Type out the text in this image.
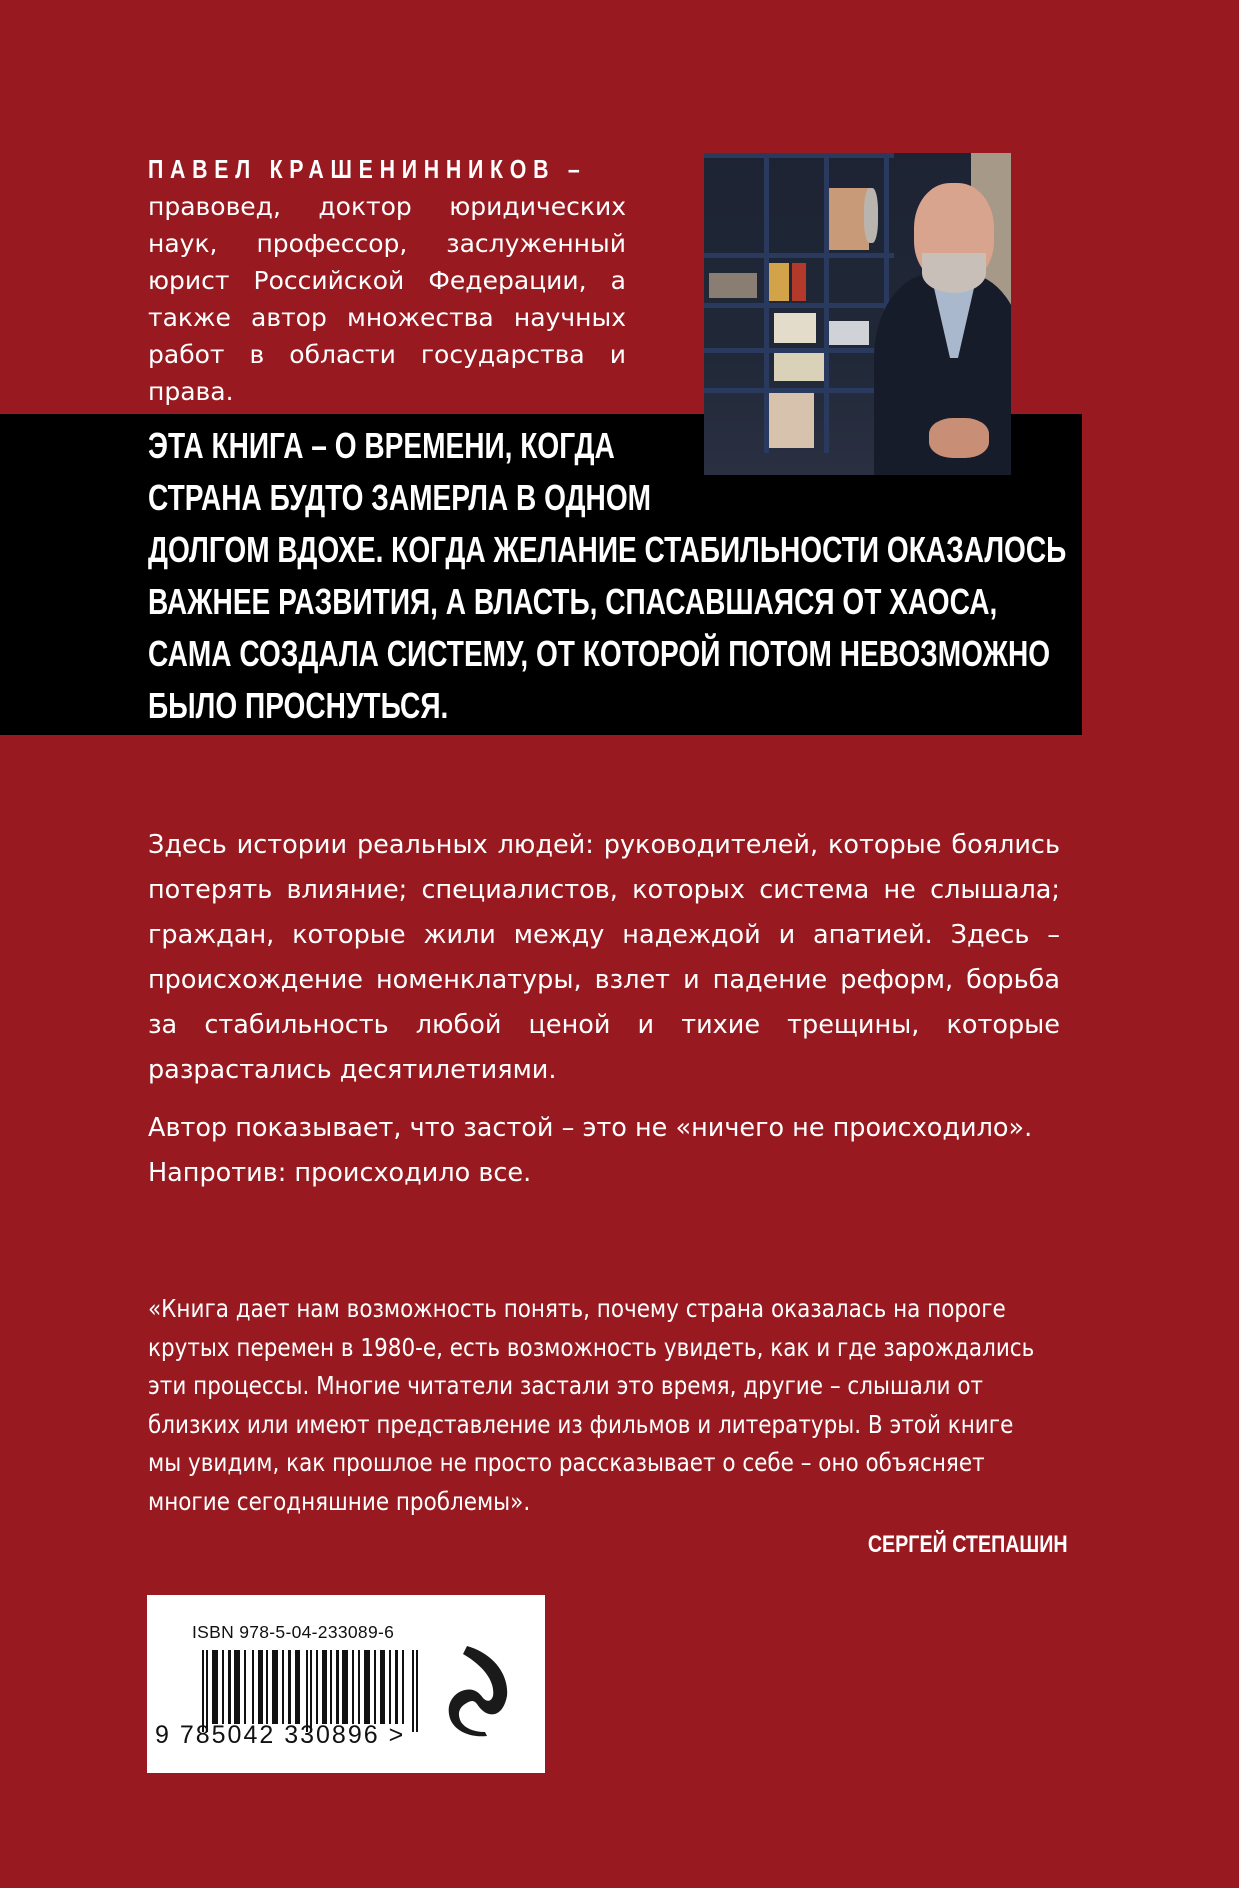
ПАВЕЛ КРАШЕНИННИКОВ –
правовед, доктор юридических наук, профессор, заслуженный юрист Российской Федерации, а также автор множества научных работ в области государства и права.
ЭТА КНИГА – О ВРЕМЕНИ, КОГДА
СТРАНА БУДТО ЗАМЕРЛА В ОДНОМ
ДОЛГОМ ВДОХЕ. КОГДА ЖЕЛАНИЕ СТАБИЛЬНОСТИ ОКАЗАЛОСЬ
ВАЖНЕЕ РАЗВИТИЯ, А ВЛАСТЬ, СПАСАВШАЯСЯ ОТ ХАОСА,
САМА СОЗДАЛА СИСТЕМУ, ОТ КОТОРОЙ ПОТОМ НЕВОЗМОЖНО
БЫЛО ПРОСНУТЬСЯ.
Здесь истории реальных людей: руководителей, которые боялись потерять влияние; специалистов, которых система не слышала; граждан, которые жили между надеждой и апатией. Здесь – происхождение номенклатуры, взлет и падение реформ, борьба за стабильность любой ценой и тихие трещины, которые разрастались десятилетиями.
Автор показывает, что застой – это не «ничего не происходило».
Напротив: происходило все.
«Книга дает нам возможность понять, почему страна оказалась на пороге
крутых перемен в 1980-е, есть возможность увидеть, как и где зарождались
эти процессы. Многие читатели застали это время, другие – слышали от
близких или имеют представление из фильмов и литературы. В этой книге
мы увидим, как прошлое не просто рассказывает о себе – оно объясняет
многие сегодняшние проблемы».
СЕРГЕЙ СТЕПАШИН
ISBN 978-5-04-233089-6
9 785042 330896 >
